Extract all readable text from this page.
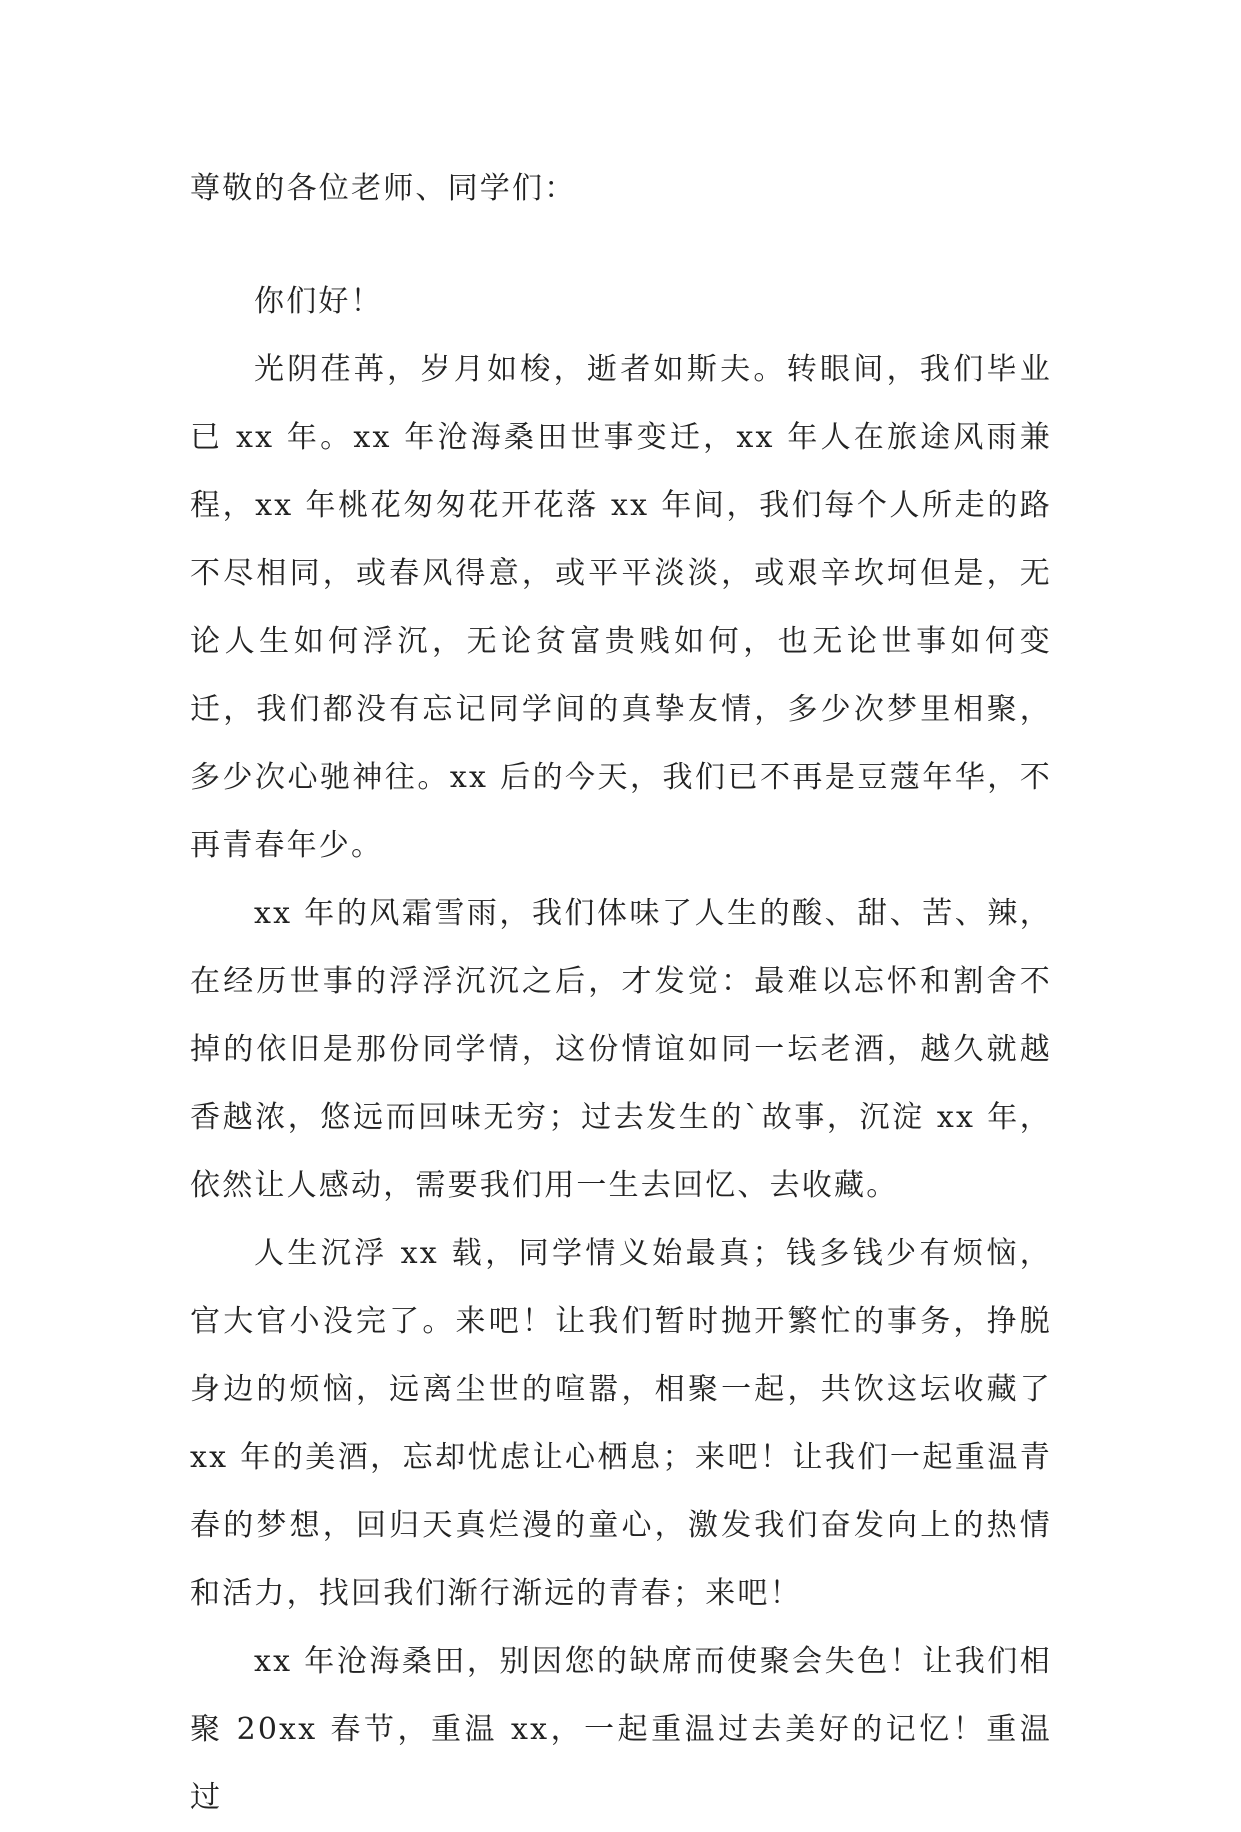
尊敬的各位老师、同学们：

你们好！

光阴荏苒，岁月如梭，逝者如斯夫。转眼间，我们毕业已 xx 年。xx 年沧海桑田世事变迁，xx 年人在旅途风雨兼程，xx 年桃花匆匆花开花落 xx 年间，我们每个人所走的路不尽相同，或春风得意，或平平淡淡，或艰辛坎坷但是，无论人生如何浮沉，无论贫富贵贱如何，也无论世事如何变迁，我们都没有忘记同学间的真挚友情，多少次梦里相聚，多少次心驰神往。xx 后的今天，我们已不再是豆蔻年华，不再青春年少。

xx 年的风霜雪雨，我们体味了人生的酸、甜、苦、辣，在经历世事的浮浮沉沉之后，才发觉：最难以忘怀和割舍不掉的依旧是那份同学情，这份情谊如同一坛老酒，越久就越香越浓，悠远而回味无穷；过去发生的`故事，沉淀 xx 年，依然让人感动，需要我们用一生去回忆、去收藏。

人生沉浮 xx 载，同学情义始最真；钱多钱少有烦恼，官大官小没完了。来吧！让我们暂时抛开繁忙的事务，挣脱身边的烦恼，远离尘世的喧嚣，相聚一起，共饮这坛收藏了 xx 年的美酒，忘却忧虑让心栖息；来吧！让我们一起重温青春的梦想，回归天真烂漫的童心，激发我们奋发向上的热情和活力，找回我们渐行渐远的青春；来吧！

xx 年沧海桑田，别因您的缺席而使聚会失色！让我们相聚 20xx 春节，重温 xx，一起重温过去美好的记忆！重温过
